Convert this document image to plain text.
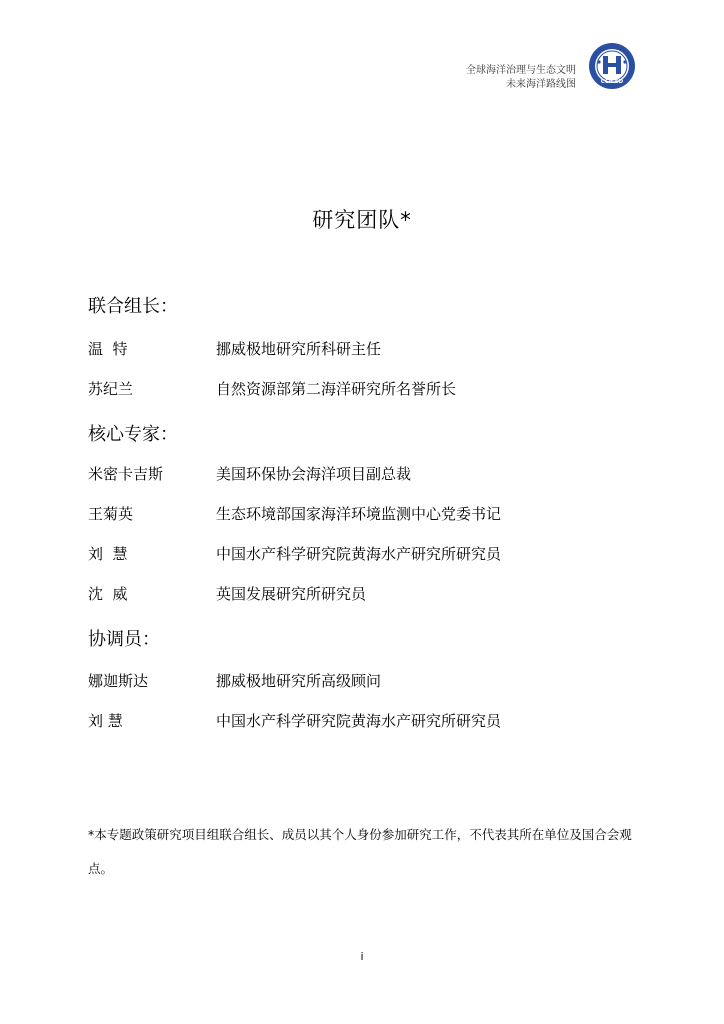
全球海洋治理与生态文明
未来海洋路线图	CCICED
研究团队*
联合组长：
温  特	挪威极地研究所科研主任
苏纪兰	自然资源部第二海洋研究所名誉所长
核心专家：
米密卡吉斯	美国环保协会海洋项目副总裁
王菊英	生态环境部国家海洋环境监测中心党委书记
刘  慧	中国水产科学研究院黄海水产研究所研究员
沈  威	英国发展研究所研究员
协调员：
娜迦斯达	挪威极地研究所高级顾问
刘 慧	中国水产科学研究院黄海水产研究所研究员
*本专题政策研究项目组联合组长、成员以其个人身份参加研究工作，不代表其所在单位及国合会观点。
i
